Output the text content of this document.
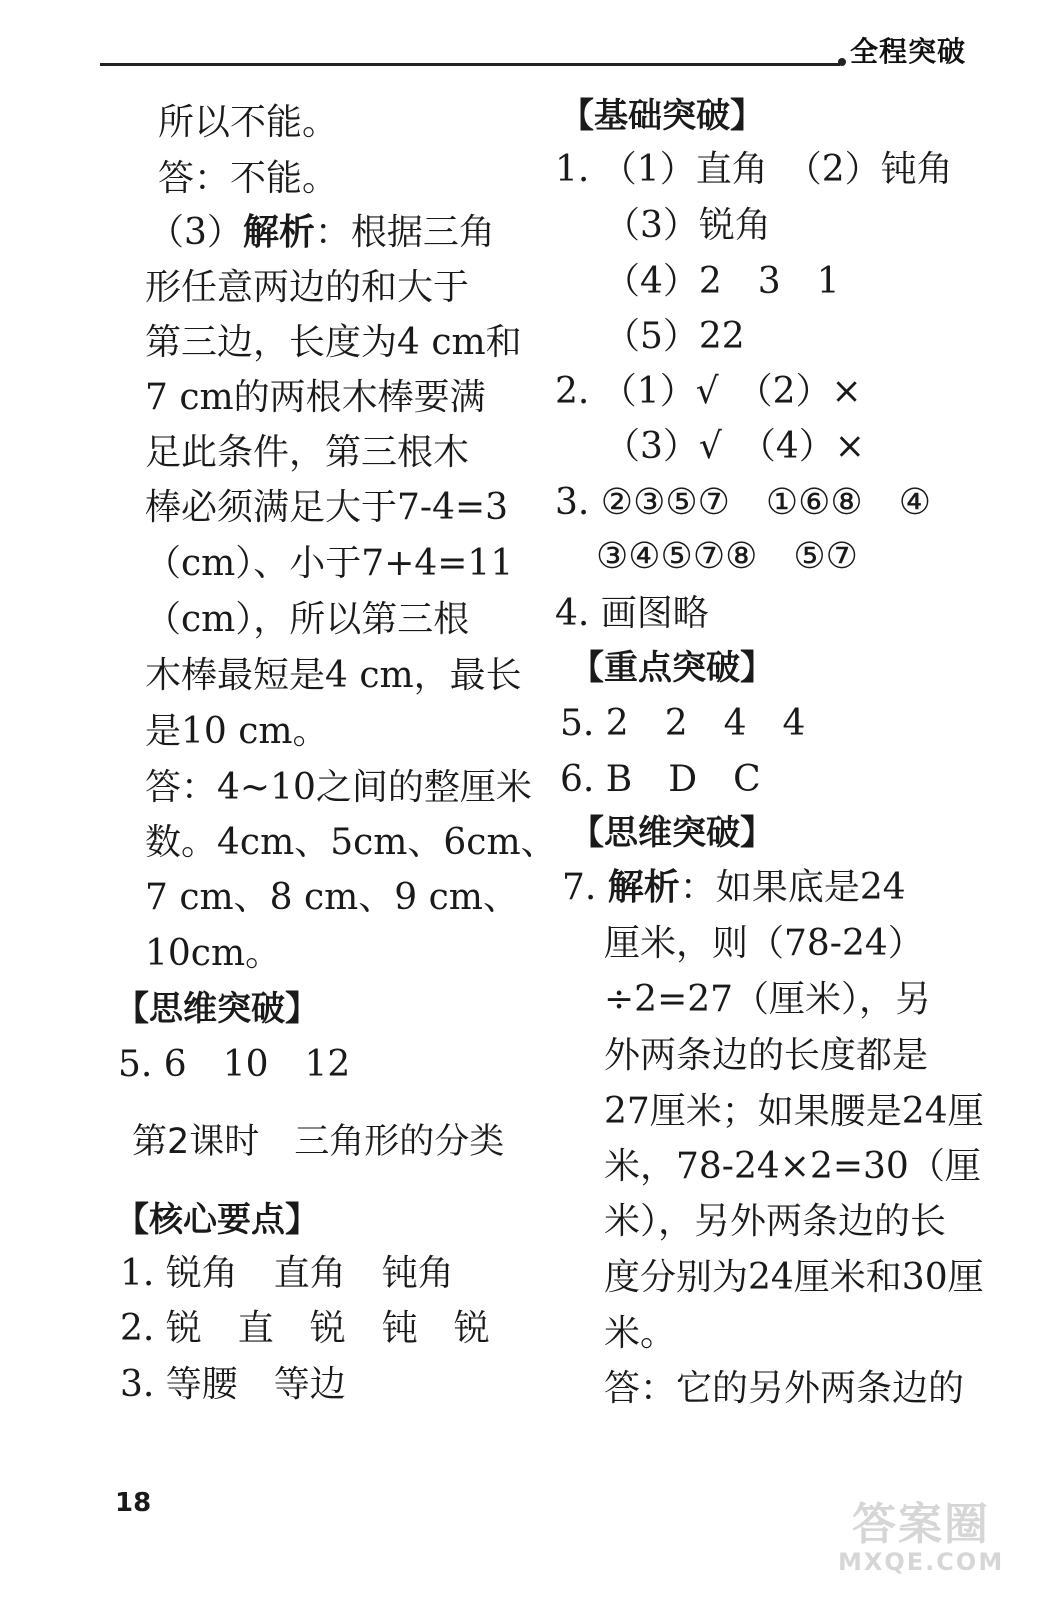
全程突破
所以不能。
答：不能。
（3）解析：根据三角
形任意两边的和大于
第三边，长度为4 cm和
7 cm的两根木棒要满
足此条件，第三根木
棒必须满足大于7-4=3
（cm）、小于7+4=11
（cm），所以第三根
木棒最短是4 cm，最长
是10 cm。
答：4~10之间的整厘米
数。4cm、5cm、6cm、
7 cm、8 cm、9 cm、
10cm。
【思维突破】
5. 6　10　12
第2课时　三角形的分类
【核心要点】
1. 锐角　直角　钝角
2. 锐　直　锐　钝　锐
3. 等腰　等边
【基础突破】
1. （1）直角　（2）钝角
（3）锐角
（4）2　3　1
（5）22
2. （1）√　（2）×
（3）√　（4）×
3. ②③⑤⑦　①⑥⑧　④
③④⑤⑦⑧　⑤⑦
4. 画图略
【重点突破】
5. 2　2　4　4
6. B　D　C
【思维突破】
7. 解析：如果底是24
厘米，则（78-24）
÷2=27（厘米），另
外两条边的长度都是
27厘米；如果腰是24厘
米，78-24×2=30（厘
米），另外两条边的长
度分别为24厘米和30厘
米。
答：它的另外两条边的
18	答案圈
MXQE.COM
